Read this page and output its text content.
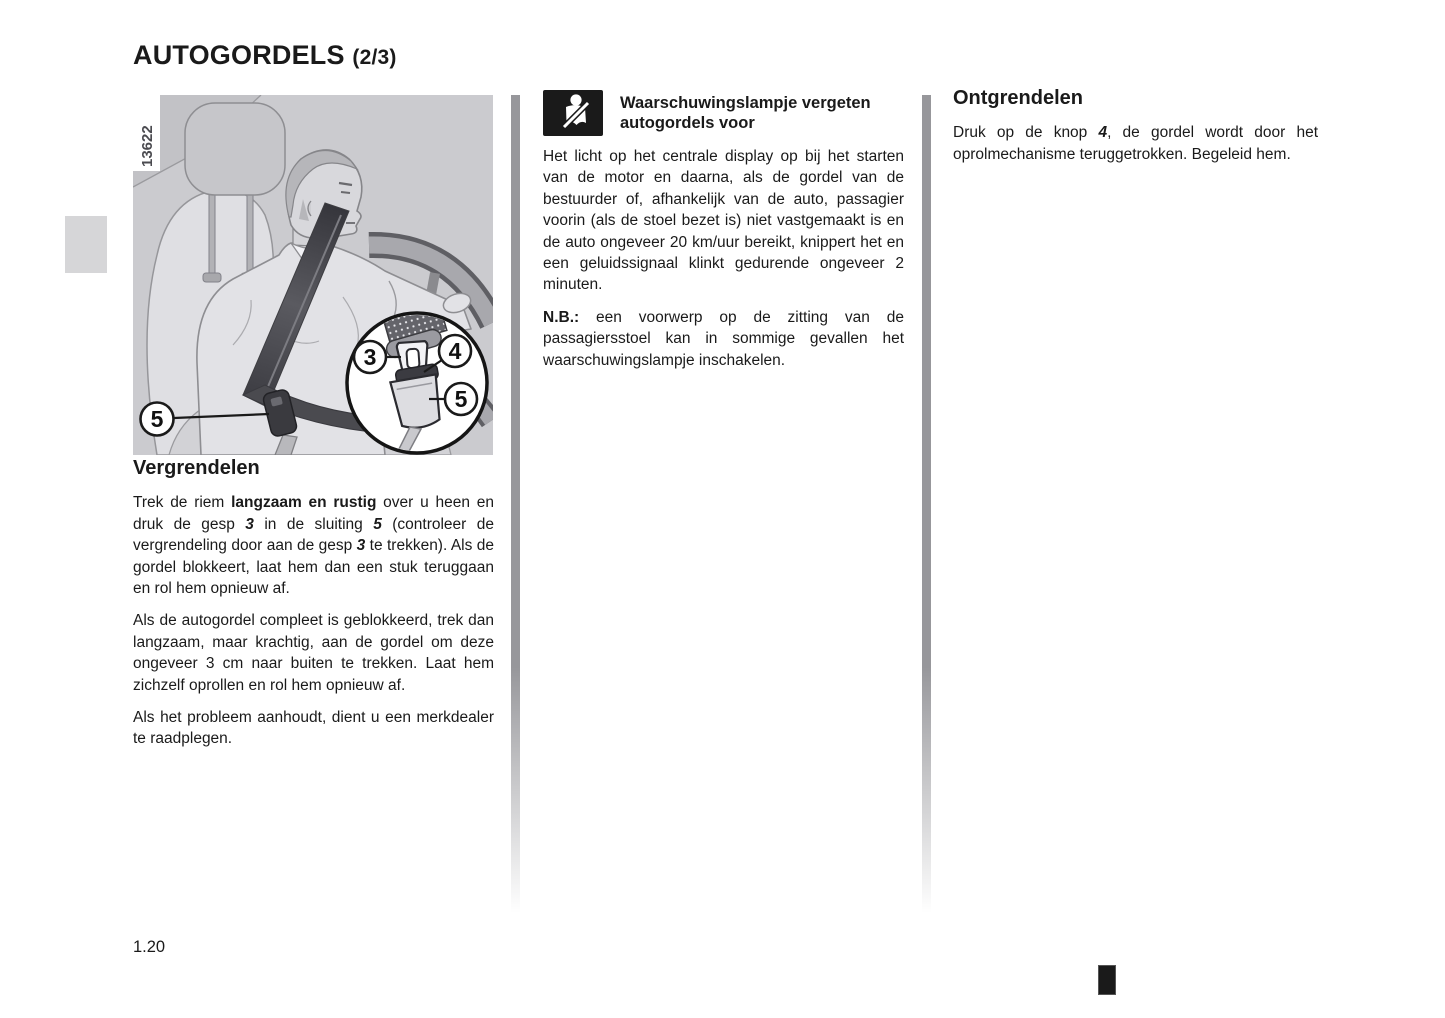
AUTOGORDELS (2/3)
5
3	4
5
13622
Vergrendelen

Trek de riem langzaam en rustig over u heen en druk de gesp 3 in de sluiting 5 (controleer de vergrendeling door aan de gesp 3 te trekken). Als de gordel blokkeert, laat hem dan een stuk teruggaan en rol hem opnieuw af.

Als de autogordel compleet is geblokkeerd, trek dan langzaam, maar krachtig, aan de gordel om deze ongeveer 3 cm naar buiten te trekken. Laat hem zichzelf oprollen en rol hem opnieuw af.

Als het probleem aanhoudt, dient u een merkdealer te raadplegen.

Waarschuwingslampje vergeten autogordels voor

Het licht op het centrale display op bij het starten van de motor en daarna, als de gordel van de bestuurder of, afhankelijk van de auto, passagier voorin (als de stoel bezet is) niet vastgemaakt is en de auto ongeveer 20 km/uur bereikt, knippert het en een geluidssignaal klinkt gedurende ongeveer 2 minuten.

N.B.: een voorwerp op de zitting van de passagiersstoel kan in sommige gevallen het waarschuwingslampje inschakelen.

Ontgrendelen

Druk op de knop 4, de gordel wordt door het oprolmechanisme teruggetrokken. Begeleid hem.

1.20
